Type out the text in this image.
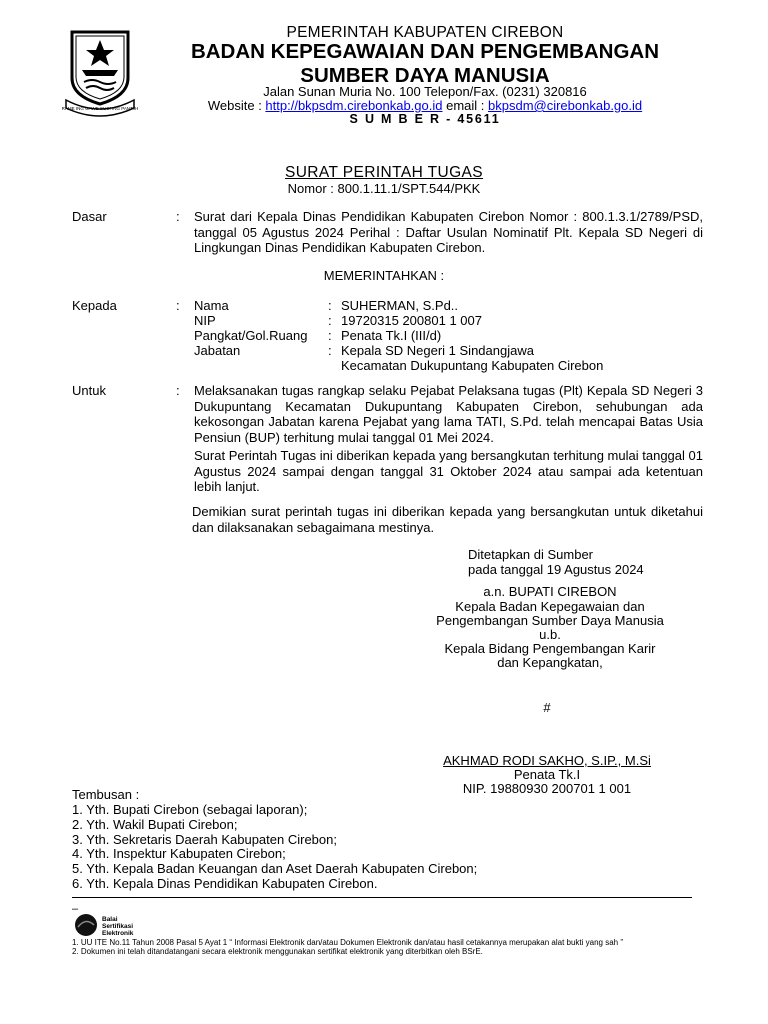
RAME ING GAWE SUCI ING PAMRIH
PEMERINTAH KABUPATEN CIREBON
BADAN KEPEGAWAIAN DAN PENGEMBANGAN
SUMBER DAYA MANUSIA
Jalan Sunan Muria No. 100 Telepon/Fax. (0231) 320816
Website : http://bkpsdm.cirebonkab.go.id email : bkpsdm@cirebonkab.go.id
S U M B E R - 45611
SURAT PERINTAH TUGAS
Nomor : 800.1.11.1/SPT.544/PKK
Dasar	: Surat dari Kepala Dinas Pendidikan Kabupaten Cirebon Nomor : 800.1.3.1/2789/PSD, tanggal 05 Agustus 2024 Perihal : Daftar Usulan Nominatif Plt. Kepala SD Negeri di Lingkungan Dinas Pendidikan Kabupaten Cirebon.
MEMERINTAHKAN :
Kepada	: Nama	: SUHERMAN, S.Pd..
NIP	: 19720315 200801 1 007
Pangkat/Gol.Ruang : Penata Tk.I (III/d)
Jabatan	: Kepala SD Negeri 1 Sindangjawa
Kecamatan Dukupuntang Kabupaten Cirebon
Untuk	: Melaksanakan tugas rangkap selaku Pejabat Pelaksana tugas (Plt) Kepala SD Negeri 3 Dukupuntang Kecamatan Dukupuntang Kabupaten Cirebon, sehubungan ada kekosongan Jabatan karena Pejabat yang lama TATI, S.Pd. telah mencapai Batas Usia Pensiun (BUP) terhitung mulai tanggal 01 Mei 2024.
Surat Perintah Tugas ini diberikan kepada yang bersangkutan terhitung mulai tanggal 01 Agustus 2024 sampai dengan tanggal 31 Oktober 2024 atau sampai ada ketentuan lebih lanjut.
Demikian surat perintah tugas ini diberikan kepada yang bersangkutan untuk diketahui dan dilaksanakan sebagaimana mestinya.
Ditetapkan di Sumber
pada tanggal 19 Agustus 2024
a.n. BUPATI CIREBON
Kepala Badan Kepegawaian dan
Pengembangan Sumber Daya Manusia
u.b.
Kepala Bidang Pengembangan Karir
dan Kepangkatan,
#
AKHMAD RODI SAKHO, S.IP., M.Si
Penata Tk.I
NIP. 19880930 200701 1 001
Tembusan :
1. Yth. Bupati Cirebon (sebagai laporan);
2. Yth. Wakil Bupati Cirebon;
3. Yth. Sekretaris Daerah Kabupaten Cirebon;
4. Yth. Inspektur Kabupaten Cirebon;
5. Yth. Kepala Badan Keuangan dan Aset Daerah Kabupaten Cirebon;
6. Yth. Kepala Dinas Pendidikan Kabupaten Cirebon.
–
Balai
Sertifikasi
Elektronik
1. UU ITE No.11 Tahun 2008 Pasal 5 Ayat 1 “ Informasi Elektronik dan/atau Dokumen Elektronik dan/atau hasil cetakannya merupakan alat bukti yang sah ”
2. Dokumen ini telah ditandatangani secara elektronik menggunakan sertifikat elektronik yang diterbitkan oleh BSrE.
